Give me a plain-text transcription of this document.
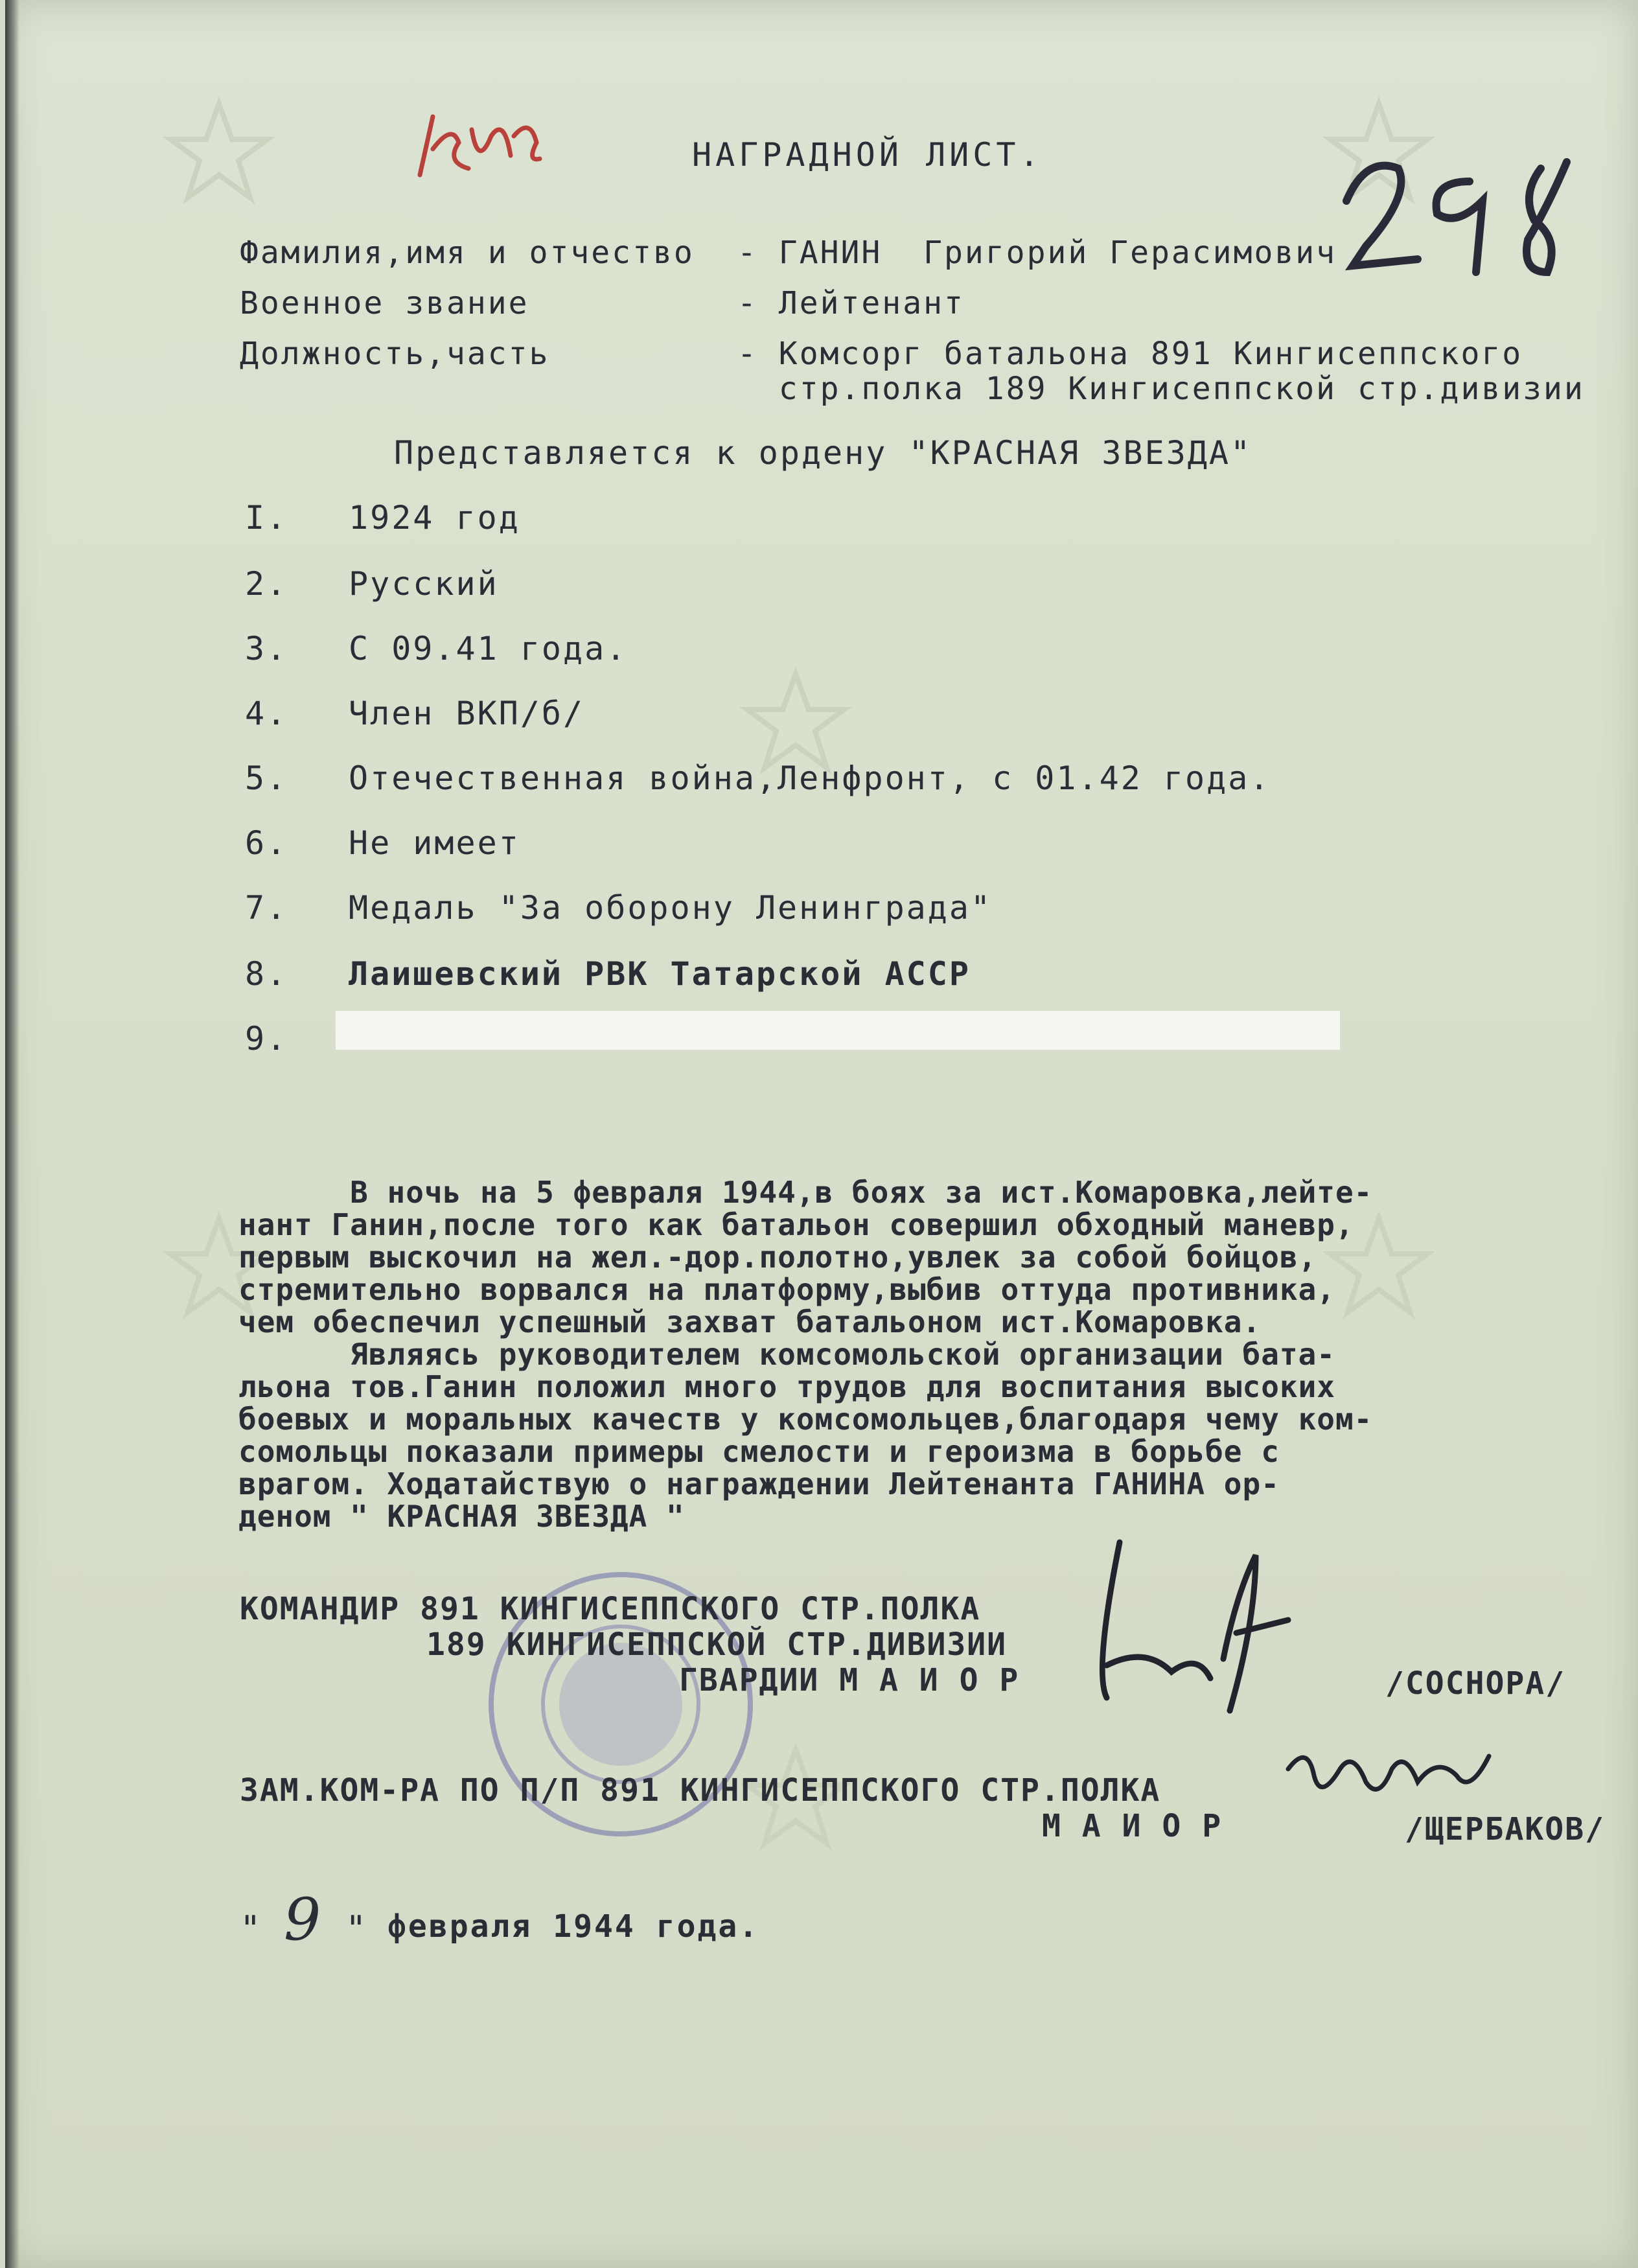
НАГРАДНОЙ ЛИСТ.
Фамилия,имя и отчество - ГАНИН  Григорий Герасимович
Военное звание	- Лейтенант
Должность,часть	- Комсорг батальона 891 Кингисеппского
стр.полка 189 Кингисеппской стр.дивизии
Представляется к ордену "КРАСНАЯ ЗВЕЗДА"
I. 1924 год
2. Русский
3. С 09.41 года.
4. Член ВКП/б/
5. Отечественная война,Ленфронт, с 01.42 года.
6. Не имеет
7. Медаль "За оборону Ленинграда"
8. Лаишевский РВК Татарской АССР
9.
В ночь на 5 февраля 1944,в боях за ист.Комаровка,лейте-
нант Ганин,после того как батальон совершил обходный маневр,
первым выскочил на жел.-дор.полотно,увлек за собой бойцов,
стремительно ворвался на платформу,выбив оттуда противника,
чем обеспечил успешный захват батальоном ист.Комаровка.
Являясь руководителем комсомольской организации бата-
льона тов.Ганин положил много трудов для воспитания высоких
боевых и моральных качеств у комсомольцев,благодаря чему ком-
сомольцы показали примеры смелости и героизма в борьбе с
врагом. Ходатайствую о награждении Лейтенанта ГАНИНА ор-
деном " КРАСНАЯ ЗВЕЗДА "
КОМАНДИР 891 КИНГИСЕППСКОГО СТР.ПОЛКА
189 КИНГИСЕППСКОЙ СТР.ДИВИЗИИ
ГВАРДИИ М А И О Р	/СОСНОРА/
ЗАМ.КОМ-РА ПО П/П 891 КИНГИСЕППСКОГО СТР.ПОЛКА
М А И О Р	/ЩЕРБАКОВ/
" 9 " февраля 1944 года.
